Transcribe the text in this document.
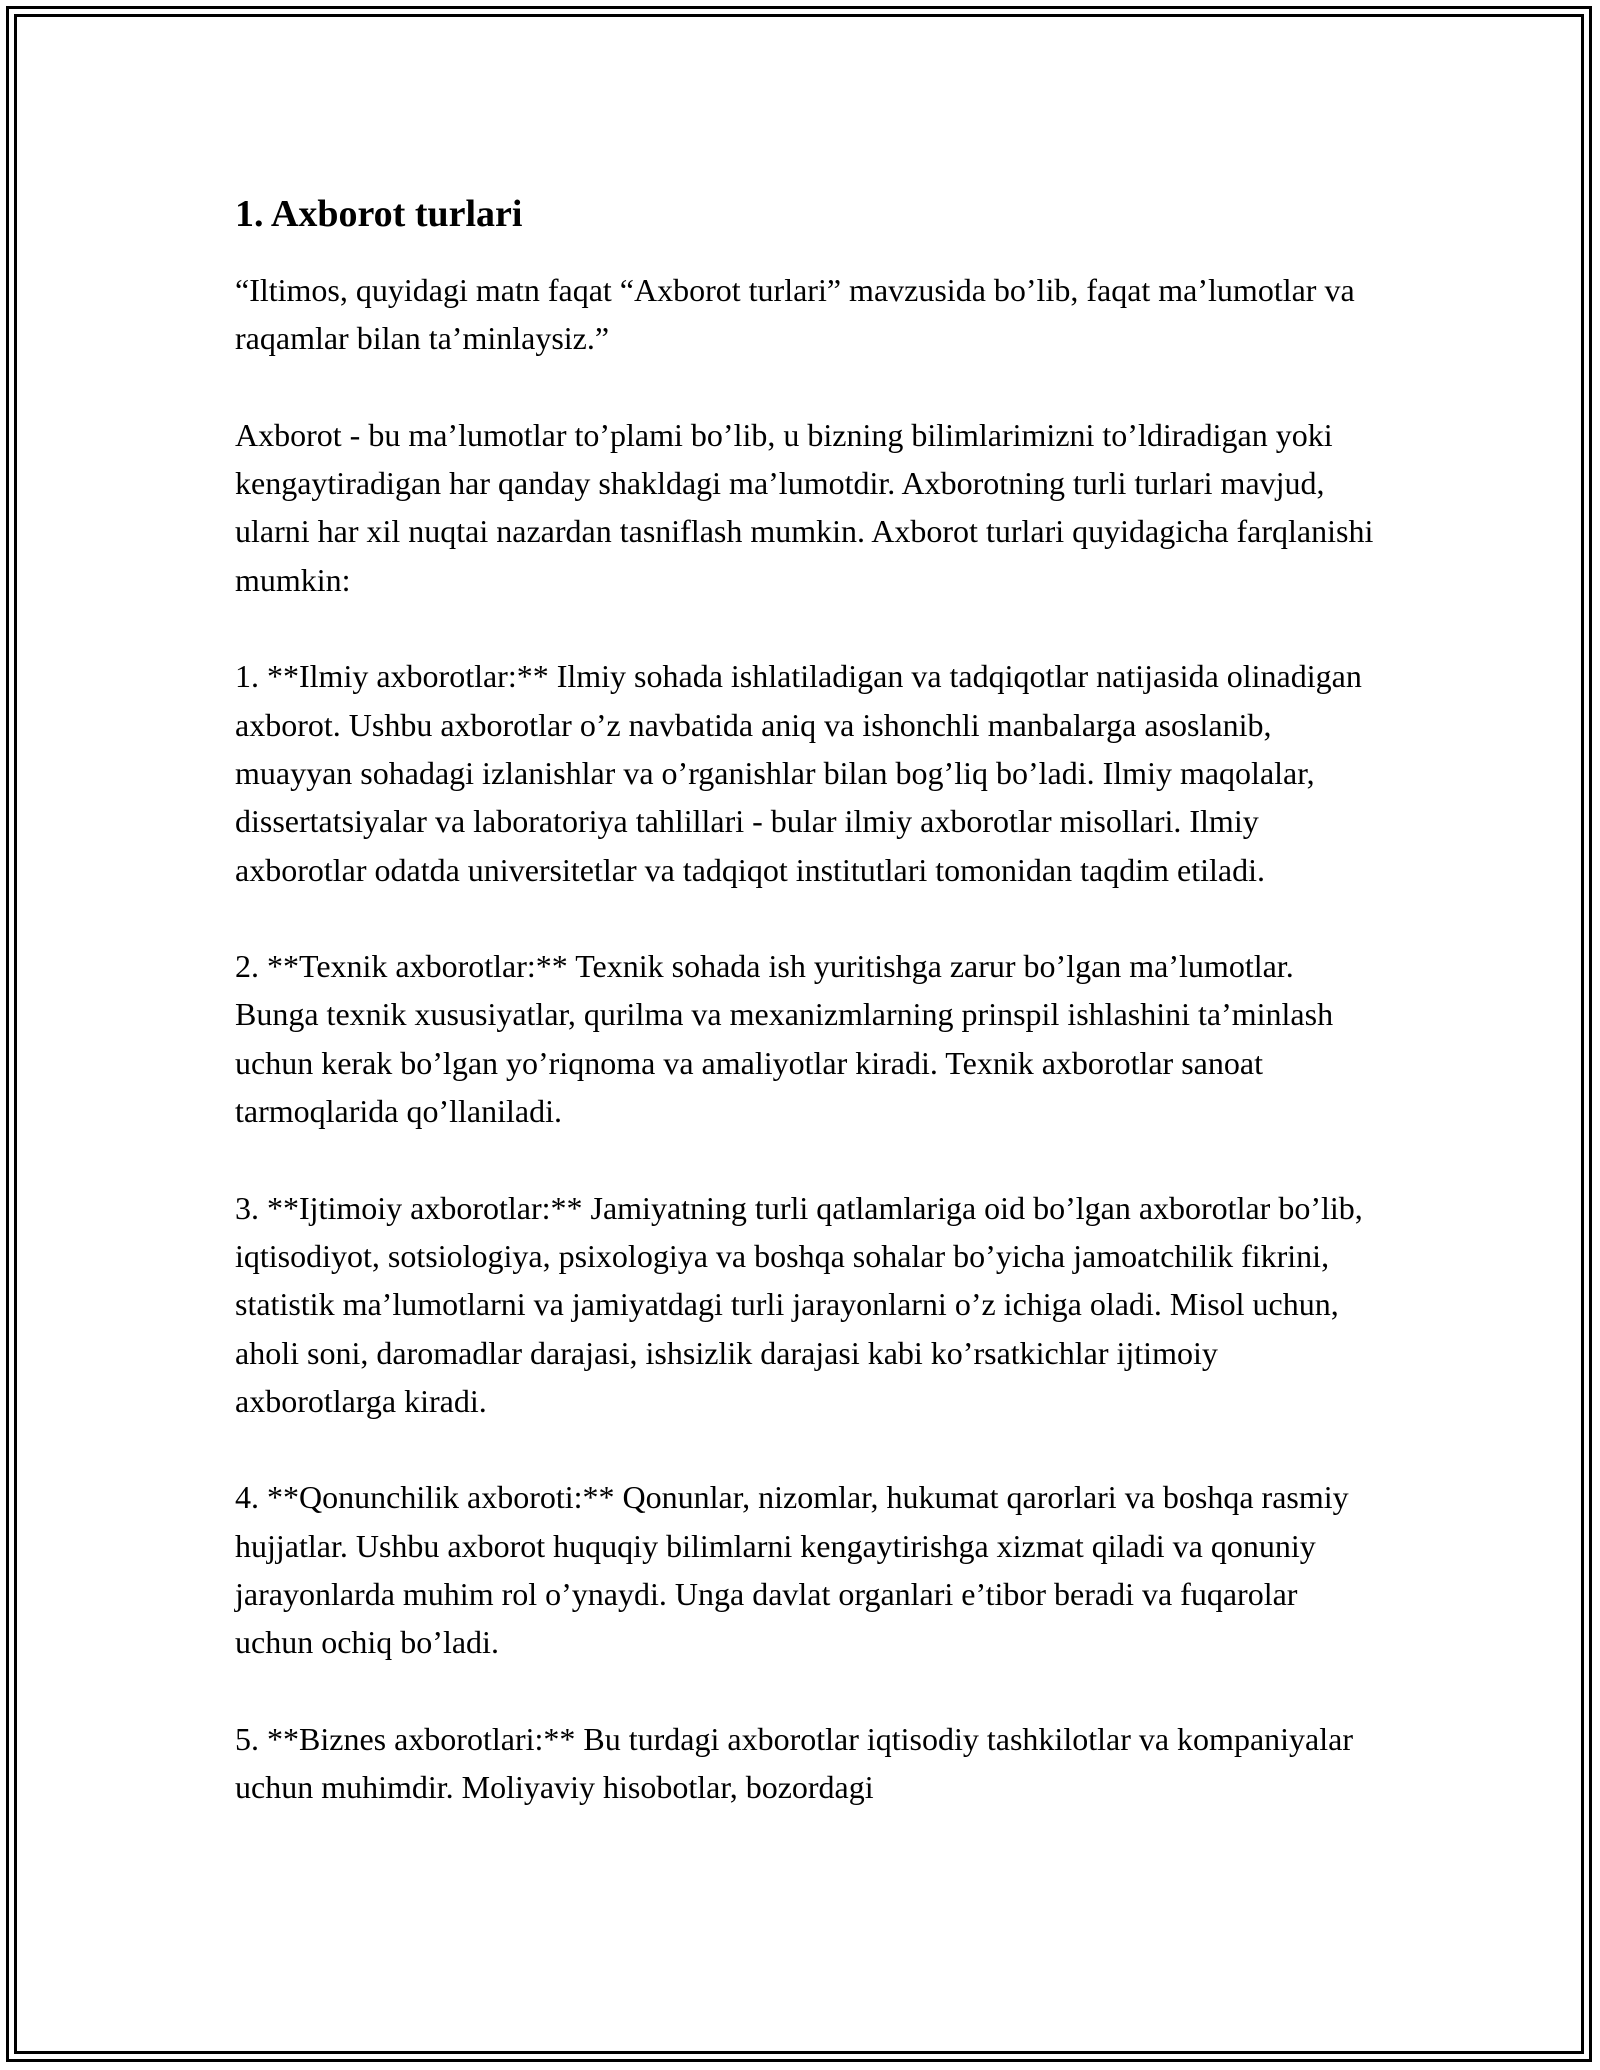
1. Axborot turlari

“Iltimos, quyidagi matn faqat “Axborot turlari” mavzusida bo’lib, faqat ma’lumotlar va raqamlar bilan ta’minlaysiz.”

Axborot - bu ma’lumotlar to’plami bo’lib, u bizning bilimlarimizni to’ldiradigan yoki kengaytiradigan har qanday shakldagi ma’lumotdir. Axborotning turli turlari mavjud, ularni har xil nuqtai nazardan tasniflash mumkin. Axborot turlari quyidagicha farqlanishi mumkin:

1. **Ilmiy axborotlar:** Ilmiy sohada ishlatiladigan va tadqiqotlar natijasida olinadigan axborot. Ushbu axborotlar o’z navbatida aniq va ishonchli manbalarga asoslanib, muayyan sohadagi izlanishlar va o’rganishlar bilan bog’liq bo’ladi. Ilmiy maqolalar, dissertatsiyalar va laboratoriya tahlillari - bular ilmiy axborotlar misollari. Ilmiy axborotlar odatda universitetlar va tadqiqot institutlari tomonidan taqdim etiladi.

2. **Texnik axborotlar:** Texnik sohada ish yuritishga zarur bo’lgan ma’lumotlar. Bunga texnik xususiyatlar, qurilma va mexanizmlarning prinspil ishlashini ta’minlash uchun kerak bo’lgan yo’riqnoma va amaliyotlar kiradi. Texnik axborotlar sanoat tarmoqlarida qo’llaniladi.

3. **Ijtimoiy axborotlar:** Jamiyatning turli qatlamlariga oid bo’lgan axborotlar bo’lib, iqtisodiyot, sotsiologiya, psixologiya va boshqa sohalar bo’yicha jamoatchilik fikrini, statistik ma’lumotlarni va jamiyatdagi turli jarayonlarni o’z ichiga oladi. Misol uchun, aholi soni, daromadlar darajasi, ishsizlik darajasi kabi ko’rsatkichlar ijtimoiy axborotlarga kiradi.

4. **Qonunchilik axboroti:** Qonunlar, nizomlar, hukumat qarorlari va boshqa rasmiy hujjatlar. Ushbu axborot huquqiy bilimlarni kengaytirishga xizmat qiladi va qonuniy jarayonlarda muhim rol o’ynaydi. Unga davlat organlari e’tibor beradi va fuqarolar uchun ochiq bo’ladi.

5. **Biznes axborotlari:** Bu turdagi axborotlar iqtisodiy tashkilotlar va kompaniyalar uchun muhimdir. Moliyaviy hisobotlar, bozordagi
